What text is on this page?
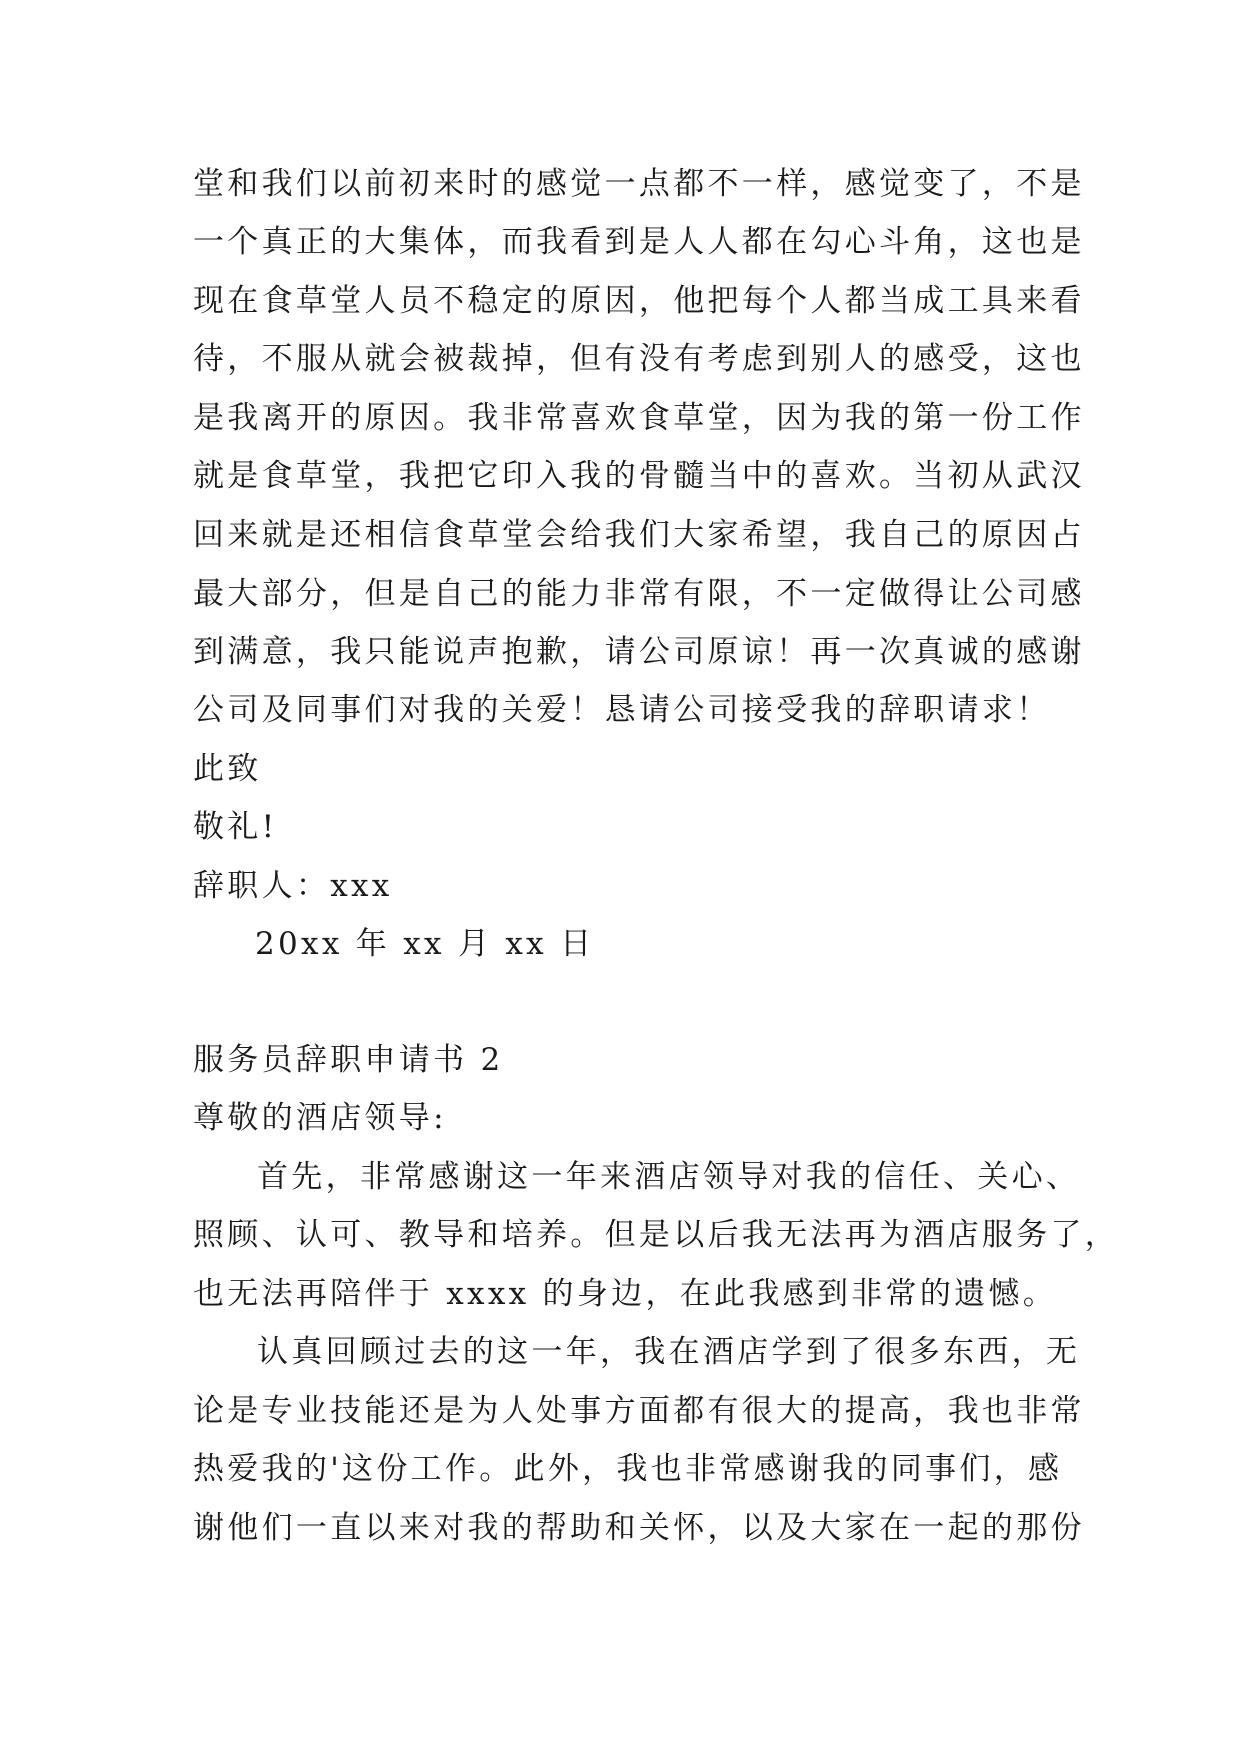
堂和我们以前初来时的感觉一点都不一样，感觉变了，不是
一个真正的大集体，而我看到是人人都在勾心斗角，这也是
现在食草堂人员不稳定的原因，他把每个人都当成工具来看
待，不服从就会被裁掉，但有没有考虑到别人的感受，这也
是我离开的原因。我非常喜欢食草堂，因为我的第一份工作
就是食草堂，我把它印入我的骨髓当中的喜欢。当初从武汉
回来就是还相信食草堂会给我们大家希望，我自己的原因占
最大部分，但是自己的能力非常有限，不一定做得让公司感
到满意，我只能说声抱歉，请公司原谅！再一次真诚的感谢
公司及同事们对我的关爱！恳请公司接受我的辞职请求！
此致
敬礼!
辞职人：xxx
20xx 年 xx 月 xx 日
服务员辞职申请书 2
尊敬的酒店领导:
首先，非常感谢这一年来酒店领导对我的信任、关心、
照顾、认可、教导和培养。但是以后我无法再为酒店服务了，
也无法再陪伴于 xxxx 的身边，在此我感到非常的遗憾。
认真回顾过去的这一年，我在酒店学到了很多东西，无
论是专业技能还是为人处事方面都有很大的提高，我也非常
热爱我的'这份工作。此外，我也非常感谢我的同事们，感
谢他们一直以来对我的帮助和关怀，以及大家在一起的那份
